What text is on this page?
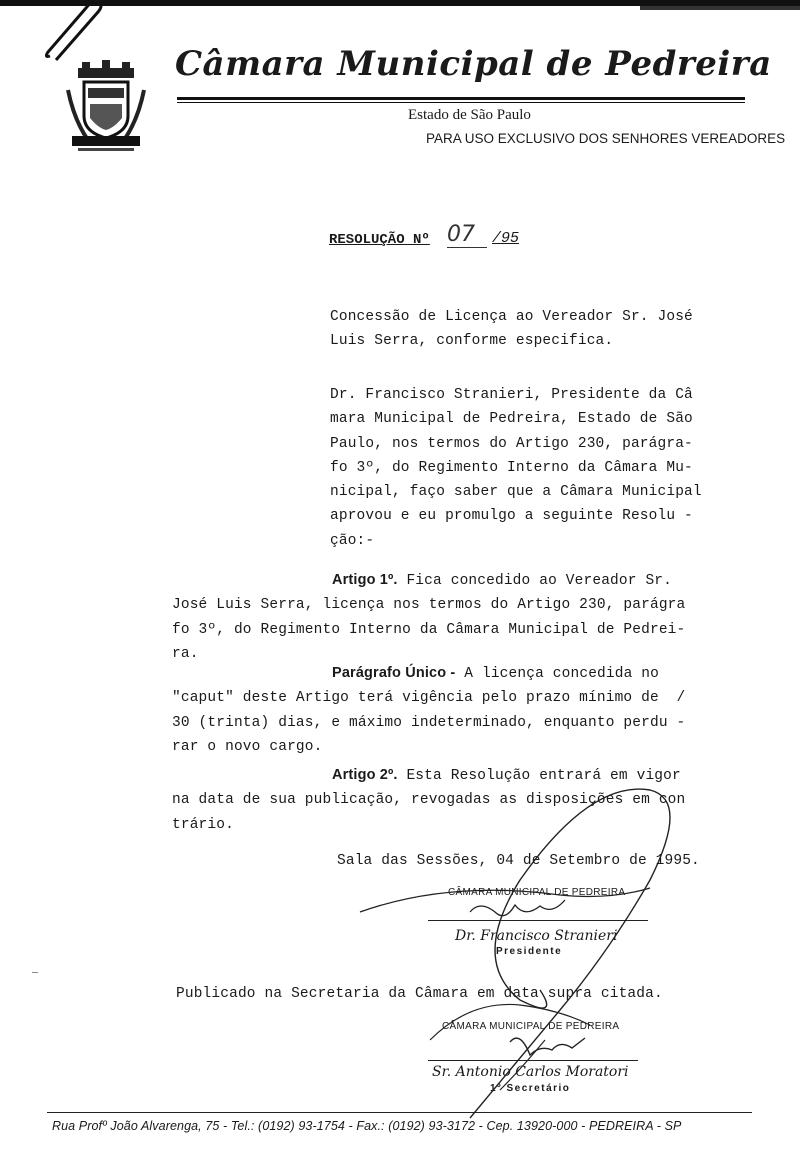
Câmara Municipal de Pedreira
Estado de São Paulo
PARA USO EXCLUSIVO DOS SENHORES VEREADORES
RESOLUÇÃO Nº 07 /95
Concessão de Licença ao Vereador Sr. José
Luis Serra, conforme especifica.
Dr. Francisco Stranieri, Presidente da Câ
mara Municipal de Pedreira, Estado de São
Paulo, nos termos do Artigo 230, parágra-
fo 3º, do Regimento Interno da Câmara Mu-
nicipal, faço saber que a Câmara Municipal
aprovou e eu promulgo a seguinte Resolu -
ção:-
Artigo 1º. Fica concedido ao Vereador Sr.
José Luis Serra, licença nos termos do Artigo 230, parágra
fo 3º, do Regimento Interno da Câmara Municipal de Pedrei-
ra.
Parágrafo Único - A licença concedida no
"caput" deste Artigo terá vigência pelo prazo mínimo de  /
30 (trinta) dias, e máximo indeterminado, enquanto perdu -
rar o novo cargo.
Artigo 2º. Esta Resolução entrará em vigor
na data de sua publicação, revogadas as disposições em con
trário.
Sala das Sessões, 04 de Setembro de 1995.
CÂMARA MUNICIPAL DE PEDREIRA
Dr. Francisco Stranieri
Presidente
Publicado na Secretaria da Câmara em data supra citada.
CÂMARA MUNICIPAL DE PEDREIRA
Sr. Antonio Carlos Moratori
1º Secretário
Rua Profº João Alvarenga, 75 - Tel.: (0192) 93-1754 - Fax.: (0192) 93-3172 - Cep. 13920-000 - PEDREIRA - SP
